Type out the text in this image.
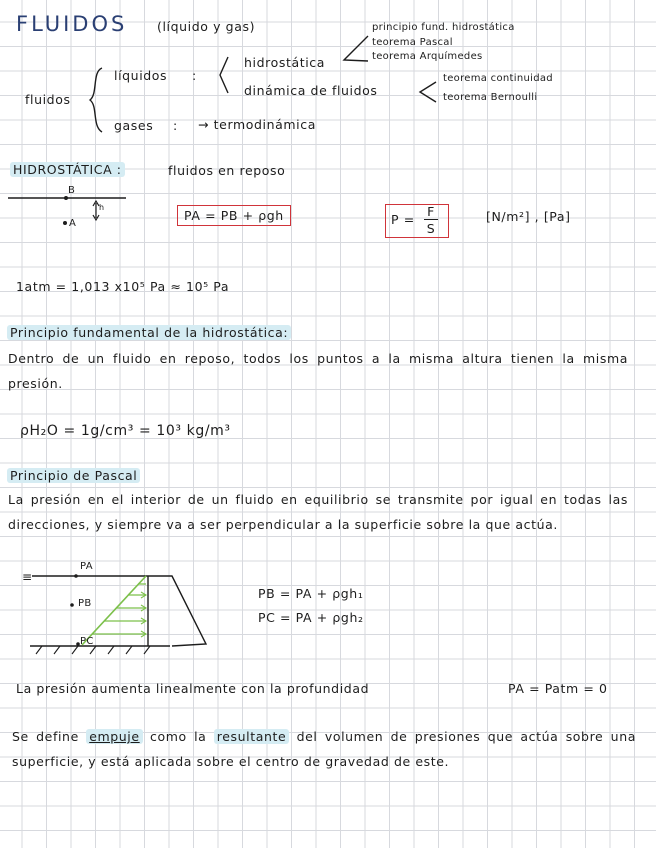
FLUIDOS (líquido y gas)
fluidos
líquidos :
hidrostática
dinámica de fluidos
gases : → termodinámica
principio fund. hidrostática
teorema Pascal
teorema Arquímedes
teorema continuidad
teorema Bernoulli
HIDROSTÁTICA :	fluidos en reposo
B
A
h
PA = PB + ρgh	P =
F
S
[N/m²] , [Pa]
1atm = 1,013 x10⁵ Pa ≈ 10⁵ Pa
Principio fundamental de la hidrostática:
Dentro de un fluido en reposo, todos los puntos a la misma altura tienen la misma presión.
ρH₂O = 1g/cm³ = 10³ kg/m³
Principio de Pascal
La presión en el interior de un fluido en equilibrio se transmite por igual en todas las direcciones, y siempre va a ser perpendicular a la superficie sobre la que actúa.
≡
PA
PB
PC
PB = PA + ρgh₁
PC = PA + ρgh₂
La presión aumenta linealmente con la profundidad	PA = Patm = 0
Se define empuje como la resultante del volumen de presiones que actúa sobre una superficie, y está aplicada sobre el centro de gravedad de este.
